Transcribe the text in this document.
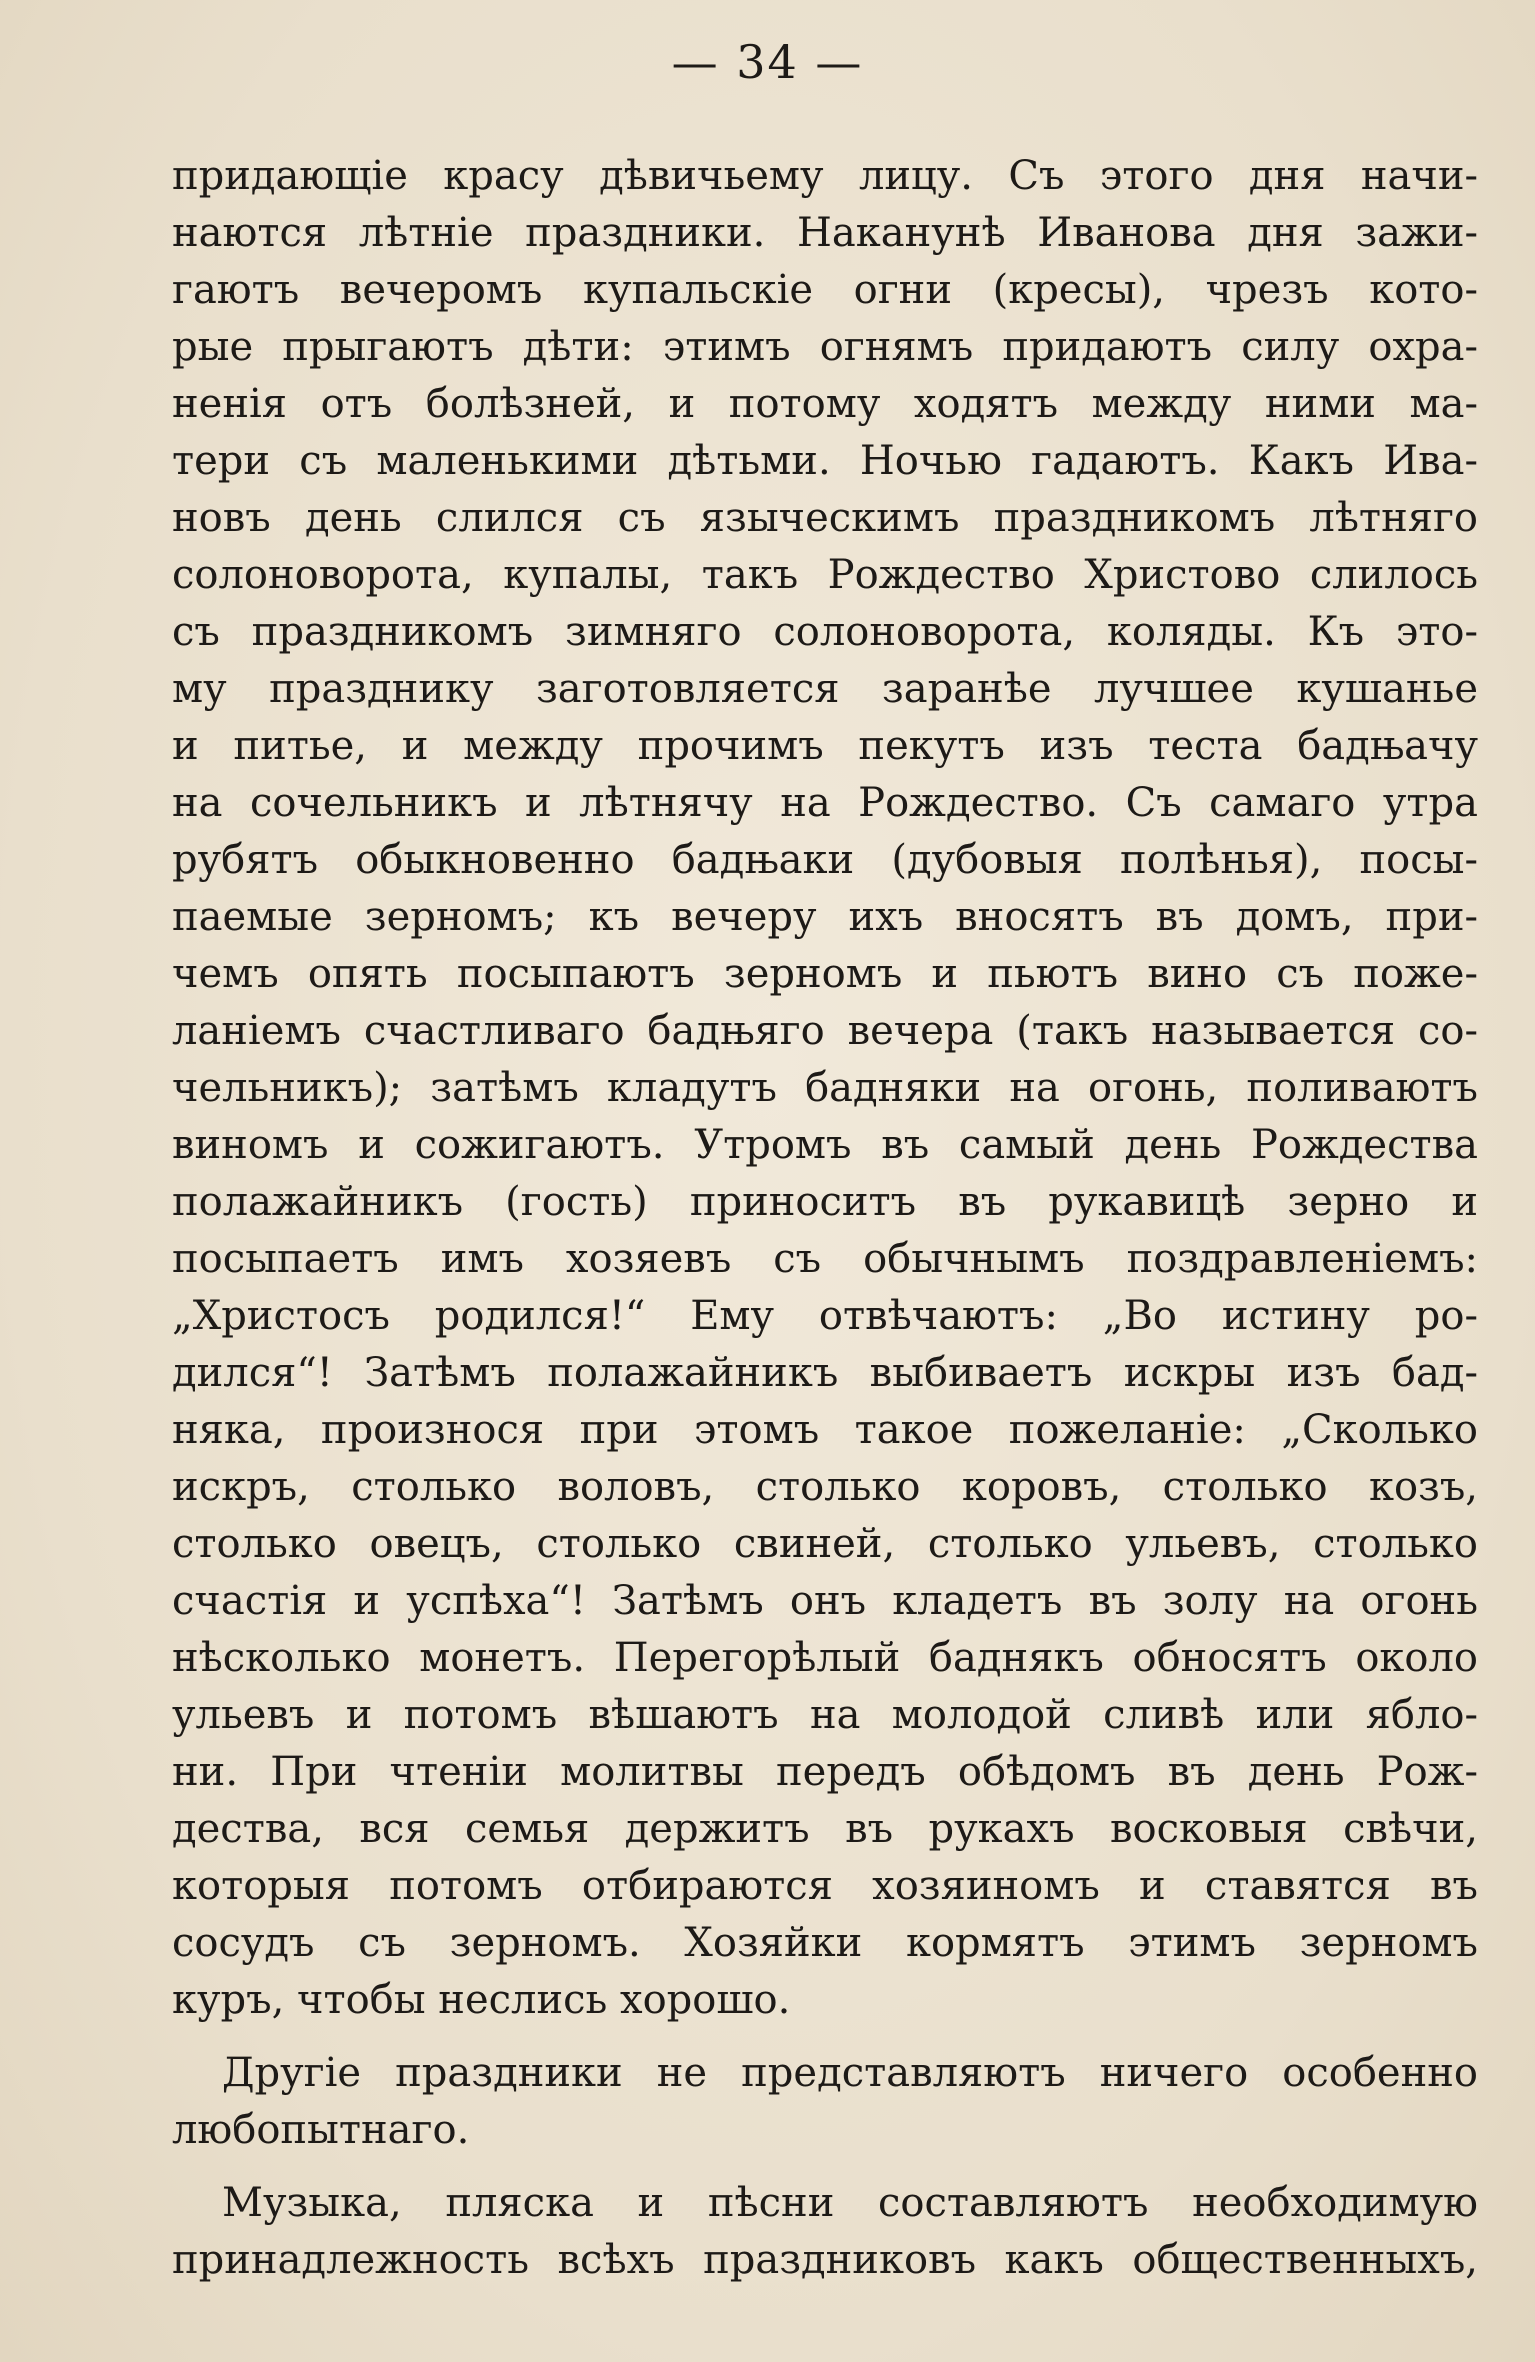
— 34 —
придающіе красу дѣвичьему лицу. Съ этого дня начи-
наются лѣтніе праздники. Наканунѣ Иванова дня зажи-
гаютъ вечеромъ купальскіе огни (кресы), чрезъ кото-
рые прыгаютъ дѣти: этимъ огнямъ придаютъ силу охра-
ненія отъ болѣзней, и потому ходятъ между ними ма-
тери съ маленькими дѣтьми. Ночью гадаютъ. Какъ Ива-
новъ день слился съ языческимъ праздникомъ лѣтняго
солоноворота, купалы, такъ Рождество Христово слилось
съ праздникомъ зимняго солоноворота, коляды. Къ это-
му празднику заготовляется заранѣе лучшее кушанье
и питье, и между прочимъ пекутъ изъ теста бадњачу
на сочельникъ и лѣтнячу на Рождество. Съ самаго утра
рубятъ обыкновенно бадњаки (дубовыя полѣнья), посы-
паемые зерномъ; къ вечеру ихъ вносятъ въ домъ, при-
чемъ опять посыпаютъ зерномъ и пьютъ вино съ поже-
ланіемъ счастливаго бадњяго вечера (такъ называется со-
чельникъ); затѣмъ кладутъ бадняки на огонь, поливаютъ
виномъ и сожигаютъ. Утромъ въ самый день Рождества
полажайникъ (гость) приноситъ въ рукавицѣ зерно и
посыпаетъ имъ хозяевъ съ обычнымъ поздравленіемъ:
„Христосъ родился!“ Ему отвѣчаютъ: „Во истину ро-
дился“! Затѣмъ полажайникъ выбиваетъ искры изъ бад-
няка, произнося при этомъ такое пожеланіе: „Сколько
искръ, столько воловъ, столько коровъ, столько козъ,
столько овецъ, столько свиней, столько ульевъ, столько
счастія и успѣха“! Затѣмъ онъ кладетъ въ золу на огонь
нѣсколько монетъ. Перегорѣлый баднякъ обносятъ около
ульевъ и потомъ вѣшаютъ на молодой сливѣ или ябло-
ни. При чтеніи молитвы передъ обѣдомъ въ день Рож-
дества, вся семья держитъ въ рукахъ восковыя свѣчи,
которыя потомъ отбираются хозяиномъ и ставятся въ
сосудъ съ зерномъ. Хозяйки кормятъ этимъ зерномъ
куръ, чтобы неслись хорошо.
Другіе праздники не представляютъ ничего особенно
любопытнаго.
Музыка, пляска и пѣсни составляютъ необходимую
принадлежность всѣхъ праздниковъ какъ общественныхъ,
